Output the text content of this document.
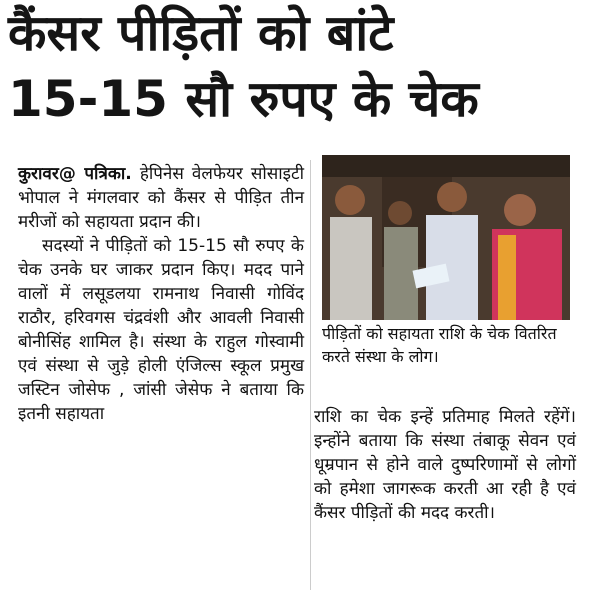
कैंसर पीड़ितों को बांटे
15-15 सौ रुपए के चेक

कुरावर@ पत्रिका. हेपिनेस वेलफेयर सोसाइटी भोपाल ने मंगलवार को कैंसर से पीड़ित तीन मरीजों को सहायता प्रदान की।

सदस्यों ने पीड़ितों को 15-15 सौ रुपए के चेक उनके घर जाकर प्रदान किए। मदद पाने वालों में लसूडलया रामनाथ निवासी गोविंद राठौर, हरिवगस चंद्रवंशी और आवली निवासी बोनीसिंह शामिल है। संस्था के राहुल गोस्वामी एवं संस्था से जुड़े होली एंजिल्स स्कूल प्रमुख जस्टिन जोसेफ , जांसी जेसेफ ने बताया कि इतनी सहायता

पीड़ितों को सहायता राशि के चेक वितरित करते संस्था के लोग।

राशि का चेक इन्हें प्रतिमाह मिलते रहेंगें। इन्होंने बताया कि संस्था तंबाकू सेवन एवं धूम्रपान से होने वाले दुष्परिणामों से लोगों को हमेशा जागरूक करती आ रही है एवं कैंसर पीड़ितों की मदद करती।
